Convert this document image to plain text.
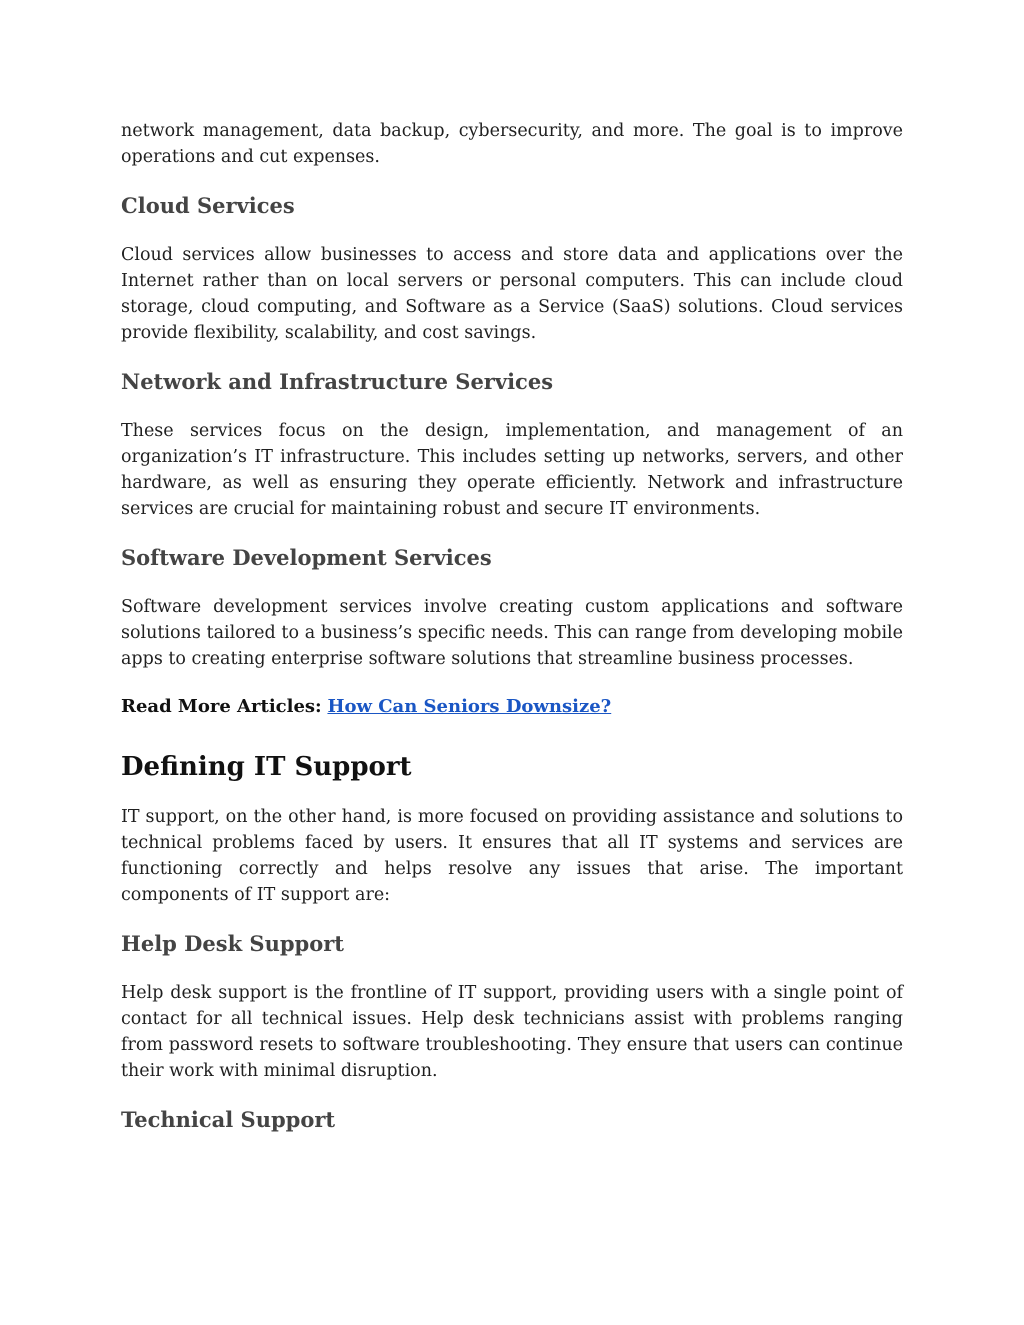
network management, data backup, cybersecurity, and more. The goal is to improve operations and cut expenses.

Cloud Services

Cloud services allow businesses to access and store data and applications over the Internet rather than on local servers or personal computers. This can include cloud storage, cloud computing, and Software as a Service (SaaS) solutions. Cloud services provide flexibility, scalability, and cost savings.

Network and Infrastructure Services

These services focus on the design, implementation, and management of an organization’s IT infrastructure. This includes setting up networks, servers, and other hardware, as well as ensuring they operate efficiently. Network and infrastructure services are crucial for maintaining robust and secure IT environments.

Software Development Services

Software development services involve creating custom applications and software solutions tailored to a business’s specific needs. This can range from developing mobile apps to creating enterprise software solutions that streamline business processes.

Read More Articles: How Can Seniors Downsize?
Defining IT Support

IT support, on the other hand, is more focused on providing assistance and solutions to technical problems faced by users. It ensures that all IT systems and services are functioning correctly and helps resolve any issues that arise. The important components of IT support are:

Help Desk Support

Help desk support is the frontline of IT support, providing users with a single point of contact for all technical issues. Help desk technicians assist with problems ranging from password resets to software troubleshooting. They ensure that users can continue their work with minimal disruption.

Technical Support
